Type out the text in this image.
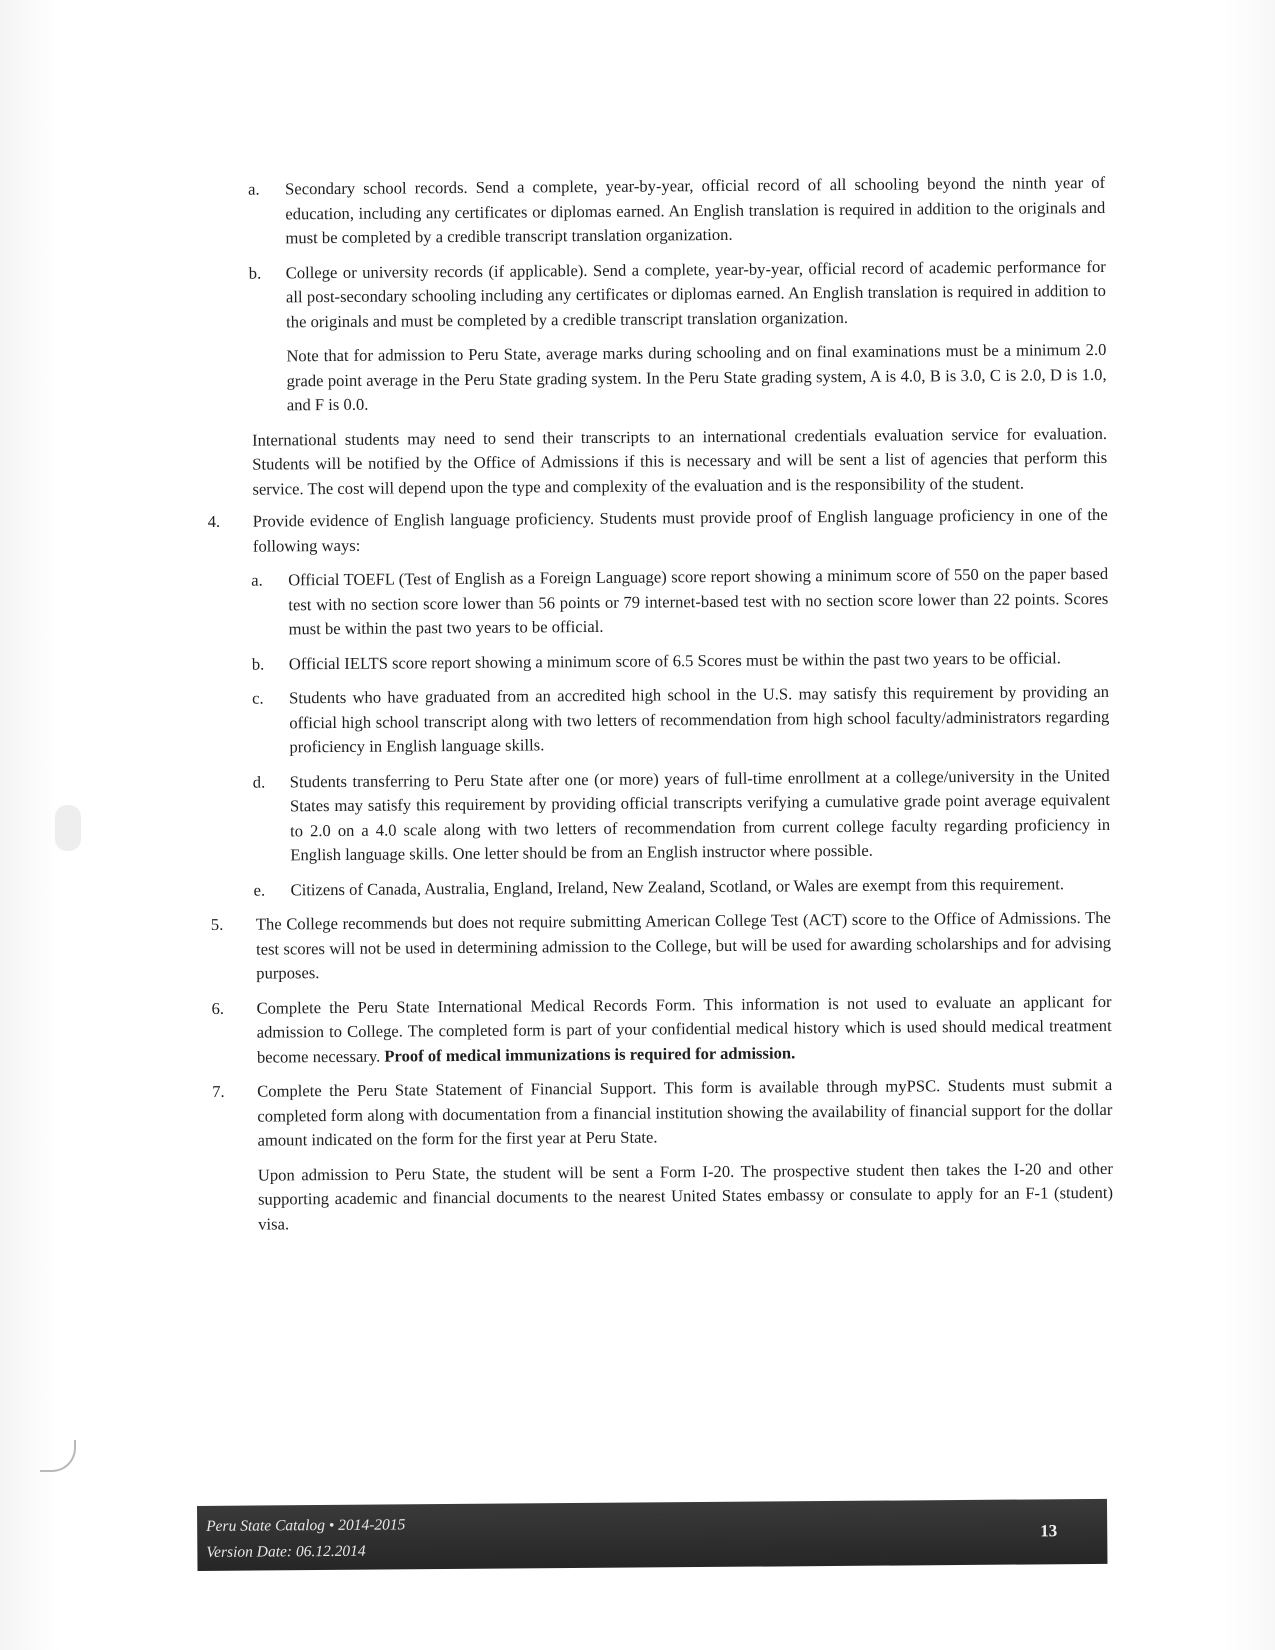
a. Secondary school records. Send a complete, year-by-year, official record of all schooling beyond the ninth year of education, including any certificates or diplomas earned. An English translation is required in addition to the originals and must be completed by a credible transcript translation organization.
b. College or university records (if applicable). Send a complete, year-by-year, official record of academic performance for all post-secondary schooling including any certificates or diplomas earned. An English translation is required in addition to the originals and must be completed by a credible transcript translation organization.
Note that for admission to Peru State, average marks during schooling and on final examinations must be a minimum 2.0 grade point average in the Peru State grading system. In the Peru State grading system, A is 4.0, B is 3.0, C is 2.0, D is 1.0, and F is 0.0.
International students may need to send their transcripts to an international credentials evaluation service for evaluation. Students will be notified by the Office of Admissions if this is necessary and will be sent a list of agencies that perform this service. The cost will depend upon the type and complexity of the evaluation and is the responsibility of the student.
4. Provide evidence of English language proficiency. Students must provide proof of English language proficiency in one of the following ways:
a. Official TOEFL (Test of English as a Foreign Language) score report showing a minimum score of 550 on the paper based test with no section score lower than 56 points or 79 internet-based test with no section score lower than 22 points. Scores must be within the past two years to be official.
b. Official IELTS score report showing a minimum score of 6.5 Scores must be within the past two years to be official.
c. Students who have graduated from an accredited high school in the U.S. may satisfy this requirement by providing an official high school transcript along with two letters of recommendation from high school faculty/administrators regarding proficiency in English language skills.
d. Students transferring to Peru State after one (or more) years of full-time enrollment at a college/university in the United States may satisfy this requirement by providing official transcripts verifying a cumulative grade point average equivalent to 2.0 on a 4.0 scale along with two letters of recommendation from current college faculty regarding proficiency in English language skills. One letter should be from an English instructor where possible.
e. Citizens of Canada, Australia, England, Ireland, New Zealand, Scotland, or Wales are exempt from this requirement.
5. The College recommends but does not require submitting American College Test (ACT) score to the Office of Admissions. The test scores will not be used in determining admission to the College, but will be used for awarding scholarships and for advising purposes.
6. Complete the Peru State International Medical Records Form. This information is not used to evaluate an applicant for admission to College. The completed form is part of your confidential medical history which is used should medical treatment become necessary. Proof of medical immunizations is required for admission.
7. Complete the Peru State Statement of Financial Support. This form is available through myPSC. Students must submit a completed form along with documentation from a financial institution showing the availability of financial support for the dollar amount indicated on the form for the first year at Peru State.
Upon admission to Peru State, the student will be sent a Form I-20. The prospective student then takes the I-20 and other supporting academic and financial documents to the nearest United States embassy or consulate to apply for an F-1 (student) visa.
Peru State Catalog • 2014-2015
Version Date: 06.12.2014
13
